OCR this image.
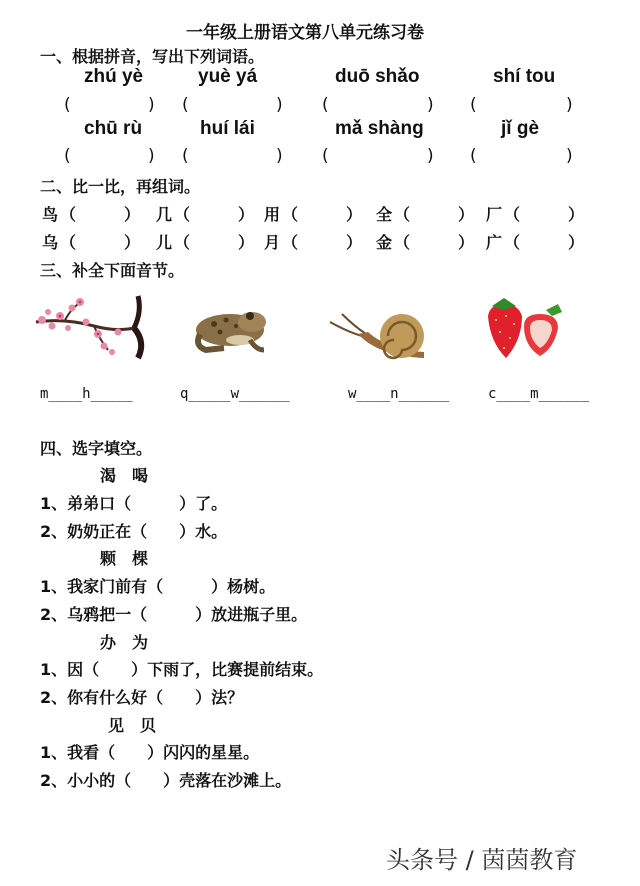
一年级上册语文第八单元练习卷
一、根据拼音，写出下列词语。
zhú yè	yuè yá	duō shǎo	shí tou
(	) (	) (	) (	)
chū rù	huí lái	mǎ shàng	jǐ gè
(	) (	) (	) (	)
二、比一比，再组词。
鸟 （　　　） 几 （　　　） 用 （　　　） 全 （　　　） 厂 （　　　）
乌 （　　　） 儿 （　　　） 月 （　　　） 金 （　　　） 广 （　　　）
三、补全下面音节。
m____h_____	q_____w______	w____n______	c____m______
四、选字填空。
渴　喝
1、弟弟口（　　　）了。
2、奶奶正在（　　）水。
颗　棵
1、我家门前有（　　　）杨树。
2、乌鸦把一（　　　）放进瓶子里。
办　为
1、因（　　）下雨了，比赛提前结束。
2、你有什么好（　　）法？
见　贝
1、我看（　　）闪闪的星星。
2、小小的（　　）壳落在沙滩上。
头条号 / 茵茵教育
